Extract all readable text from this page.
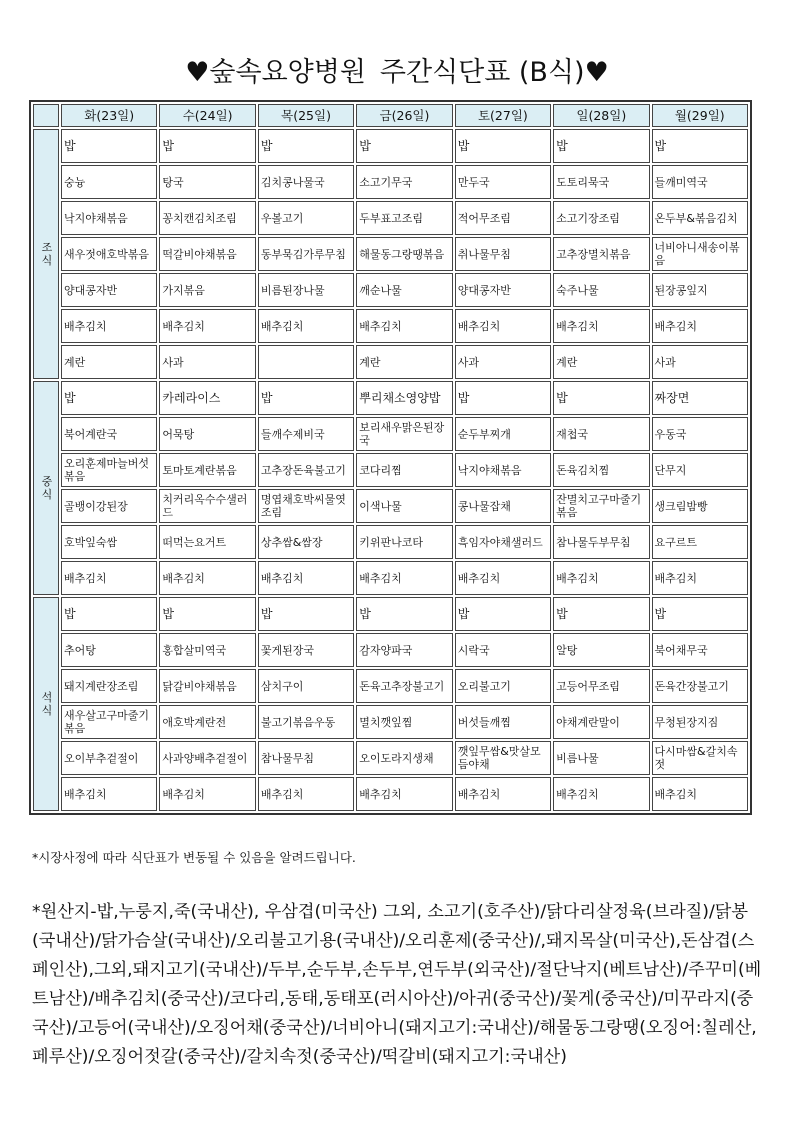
♥숲속요양병원 주간식단표 (B식)♥
	화(23일)	수(24일)	목(25일)	금(26일)	토(27일)	일(28일)	월(29일)

조
식	밥	밥	밥	밥	밥	밥	밥
	숭늉	탕국	김치콩나물국	소고기무국	만두국	도토리묵국	들깨미역국
	낙지야채볶음	꽁치캔김치조림	우볼고기	두부표고조림	적어무조림	소고기장조림	온두부&볶음김치
	새우젓애호박볶음	떡갈비야채볶음	동부묵김가루무침	해물동그랑땡볶음	취나물무침	고추장멸치볶음	너비아니새송이볶음
	양대콩자반	가지볶음	비름된장나물	깨순나물	양대콩자반	숙주나물	된장콩잎지
	배추김치	배추김치	배추김치	배추김치	배추김치	배추김치	배추김치
	계란	사과		계란	사과	계란	사과

중
식	밥	카레라이스	밥	뿌리채소영양밥	밥	밥	짜장면
	북어계란국	어묵탕	들깨수제비국	보리새우맑은된장국	순두부찌개	재첩국	우동국
	오리훈제마늘버섯볶음	토마토계란볶음	고추장돈육불고기	코다리찜	낙지야채볶음	돈육김치찜	단무지
	골뱅이강된장	치커리옥수수샐러드	명엽채호박씨물엿조림	이색나물	콩나물잡채	잔멸치고구마줄기볶음	생크림밤빵
	호박잎숙쌈	떠먹는요거트	상추쌈&쌈장	키위판나코타	흑임자야채샐러드	참나물두부무침	요구르트
	배추김치	배추김치	배추김치	배추김치	배추김치	배추김치	배추김치

석
식	밥	밥	밥	밥	밥	밥	밥
	추어탕	홍합살미역국	꽃게된장국	감자양파국	시락국	알탕	북어채무국
	돼지계란장조림	닭갈비야채볶음	삼치구이	돈육고추장불고기	오리불고기	고등어무조림	돈육간장불고기
	새우살고구마줄기볶음	애호박계란전	불고기볶음우동	멸치깻잎찜	버섯들깨찜	야채계란말이	무청된장지짐
	오이부추겉절이	사과양배추겉절이	참나물무침	오이도라지생채	깻잎무쌈&맛살모듬야채	비름나물	다시마쌈&갈치속젓
	배추김치	배추김치	배추김치	배추김치	배추김치	배추김치	배추김치
*시장사정에 따라 식단표가 변동될 수 있음을 알려드립니다.
*원산지-밥,누룽지,죽(국내산), 우삼겹(미국산) 그외, 소고기(호주산)/닭다리살정육(브라질)/닭봉(국내산)/닭가슴살(국내산)/오리불고기용(국내산)/오리훈제(중국산)/,돼지목살(미국산),돈삼겹(스페인산),그외,돼지고기(국내산)/두부,순두부,손두부,연두부(외국산)/절단낙지(베트남산)/주꾸미(베트남산)/배추김치(중국산)/코다리,동태,동태포(러시아산)/아귀(중국산)/꽃게(중국산)/미꾸라지(중국산)/고등어(국내산)/오징어채(중국산)/너비아니(돼지고기:국내산)/해물동그랑땡(오징어:칠레산,페루산)/오징어젓갈(중국산)/갈치속젓(중국산)/떡갈비(돼지고기:국내산)
